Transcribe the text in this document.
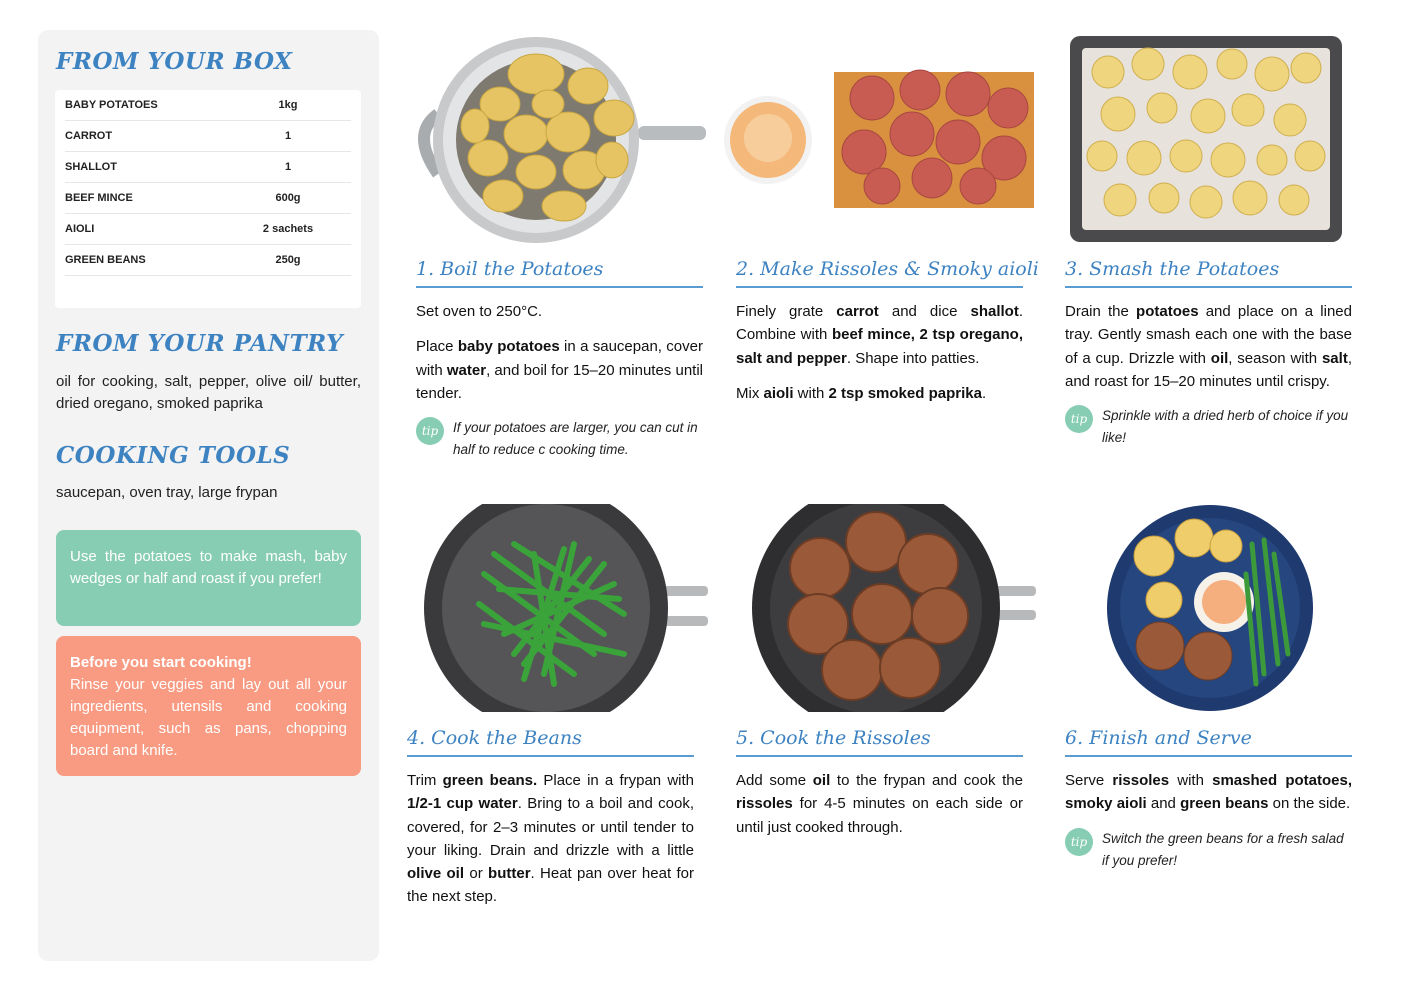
FROM YOUR BOX
BABY POTATOES	1kg
CARROT	1
SHALLOT	1
BEEF MINCE	600g
AIOLI	2 sachets
GREEN BEANS	250g
FROM YOUR PANTRY
oil for cooking, salt, pepper, olive oil/ butter, dried oregano, smoked paprika
COOKING TOOLS
saucepan, oven tray, large frypan
Use the potatoes to make mash, baby wedges or half and roast if you prefer!
Before you start cooking!
Rinse your veggies and lay out all your ingredients, utensils and cooking equipment, such as pans, chopping board and knife.
1. Boil the Potatoes

Set oven to 250°C.

Place baby potatoes in a saucepan, cover with water, and boil for 15–20 minutes until tender.

tip	If your potatoes are larger, you can cut in half to reduce c cooking time.
2. Make Rissoles & Smoky aioli

Finely grate carrot and dice shallot. Combine with beef mince, 2 tsp oregano, salt and pepper. Shape into patties.

Mix aioli with 2 tsp smoked paprika.

3. Smash the Potatoes

Drain the potatoes and place on a lined tray. Gently smash each one with the base of a cup. Drizzle with oil, season with salt, and roast for 15–20 minutes until crispy.

tip	Sprinkle with a dried herb of choice if you like!
4. Cook the Beans

Trim green beans. Place in a frypan with 1/2-1 cup water. Bring to a boil and cook, covered, for 2–3 minutes or until tender to your liking. Drain and drizzle with a little olive oil or butter. Heat pan over heat for the next step.

5. Cook the Rissoles

Add some oil to the frypan and cook the rissoles for 4-5 minutes on each side or until just cooked through.

6. Finish and Serve

Serve rissoles with smashed potatoes, smoky aioli and green beans on the side.

tip	Switch the green beans for a fresh salad if you prefer!
